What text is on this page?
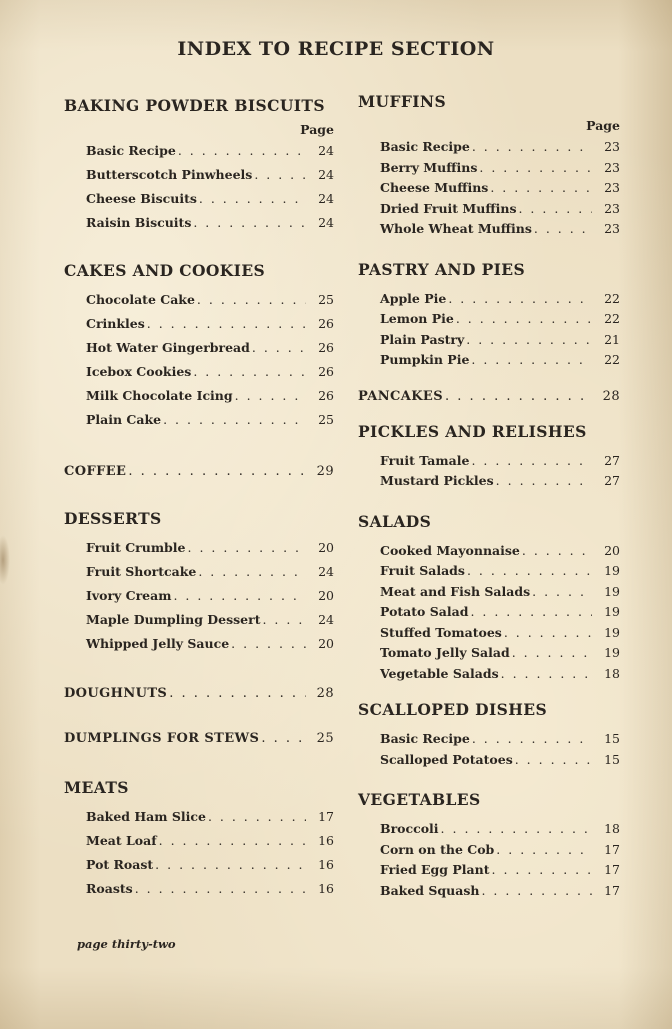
INDEX TO RECIPE SECTION
BAKING POWDER BISCUITS
Page
Basic Recipe . . .	24
Butterscotch Pinwheels . . .	24
Cheese Biscuits . . .	24
Raisin Biscuits . . .	24
CAKES AND COOKIES
Chocolate Cake . . .	25
Crinkles . . .	26
Hot Water Gingerbread . . .	26
Icebox Cookies . . .	26
Milk Chocolate Icing . . .	26
Plain Cake . . .	25
COFFEE . . .	29
DESSERTS
Fruit Crumble . . .	20
Fruit Shortcake . . .	24
Ivory Cream . . .	20
Maple Dumpling Dessert . . .	24
Whipped Jelly Sauce . . .	20
DOUGHNUTS . . .	28
DUMPLINGS FOR STEWS . . .	25
MEATS
Baked Ham Slice . . .	17
Meat Loaf . . .	16
Pot Roast . . .	16
Roasts . . .	16
MUFFINS
Page
Basic Recipe . . .	23
Berry Muffins . . .	23
Cheese Muffins . . .	23
Dried Fruit Muffins . . .	23
Whole Wheat Muffins . . .	23
PASTRY AND PIES
Apple Pie . . .	22
Lemon Pie . . .	22
Plain Pastry . . .	21
Pumpkin Pie . . .	22
PANCAKES . . .	28
PICKLES AND RELISHES
Fruit Tamale . . .	27
Mustard Pickles . . .	27
SALADS
Cooked Mayonnaise . . .	20
Fruit Salads . . .	19
Meat and Fish Salads . . .	19
Potato Salad . . .	19
Stuffed Tomatoes . . .	19
Tomato Jelly Salad . . .	19
Vegetable Salads . . .	18
SCALLOPED DISHES
Basic Recipe . . .	15
Scalloped Potatoes . . .	15
VEGETABLES
Broccoli . . .	18
Corn on the Cob . . .	17
Fried Egg Plant . . .	17
Baked Squash . . .	17
page thirty-two
